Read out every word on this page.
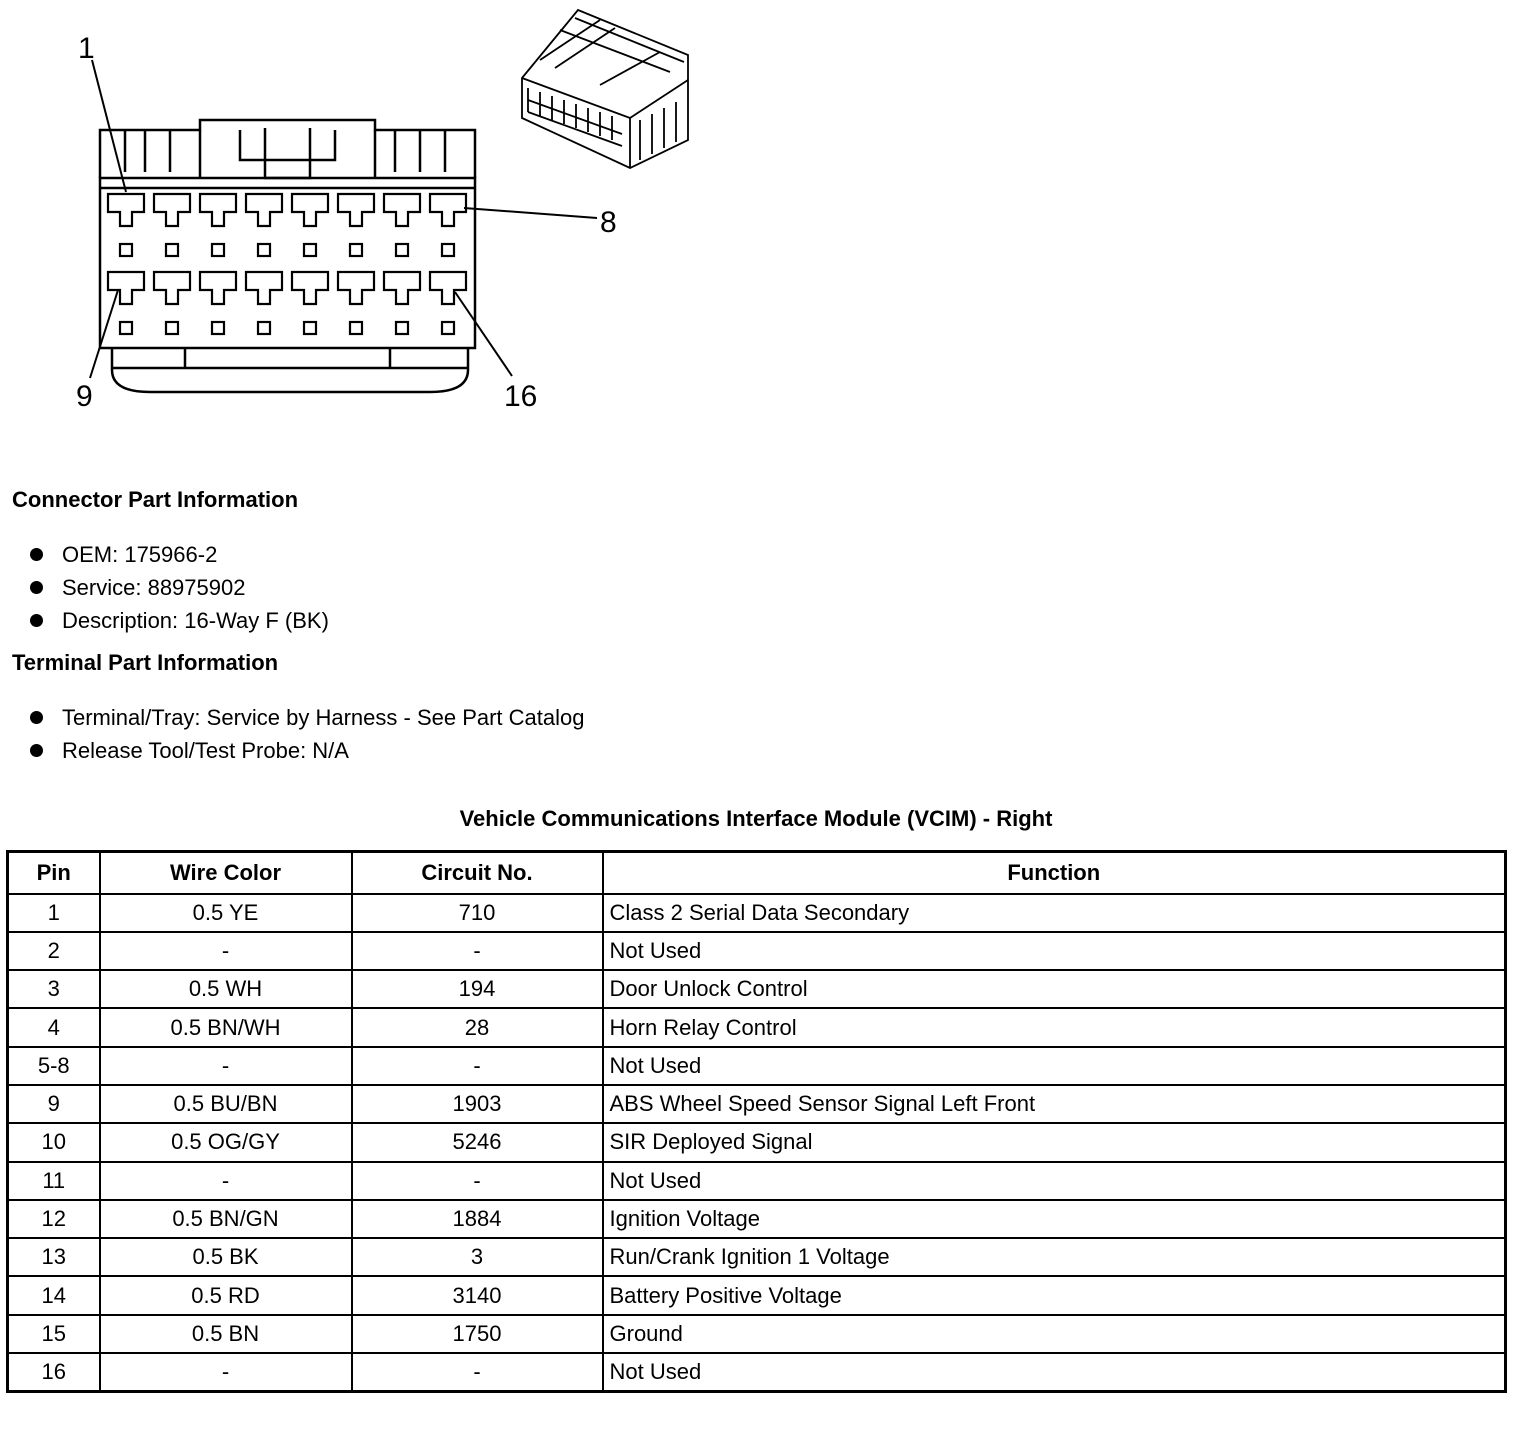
1
8
9	16
Connector Part Information
OEM: 175966-2
Service: 88975902
Description: 16-Way F (BK)
Terminal Part Information
Terminal/Tray: Service by Harness - See Part Catalog
Release Tool/Test Probe: N/A
Vehicle Communications Interface Module (VCIM) - Right
Pin	Wire Color	Circuit No.	Function
1	0.5 YE	710	Class 2 Serial Data Secondary
2	-	-	Not Used
3	0.5 WH	194	Door Unlock Control
4	0.5 BN/WH	28	Horn Relay Control
5-8	-	-	Not Used
9	0.5 BU/BN	1903	ABS Wheel Speed Sensor Signal Left Front
10	0.5 OG/GY	5246	SIR Deployed Signal
11	-	-	Not Used
12	0.5 BN/GN	1884	Ignition Voltage
13	0.5 BK	3	Run/Crank Ignition 1 Voltage
14	0.5 RD	3140	Battery Positive Voltage
15	0.5 BN	1750	Ground
16	-	-	Not Used
